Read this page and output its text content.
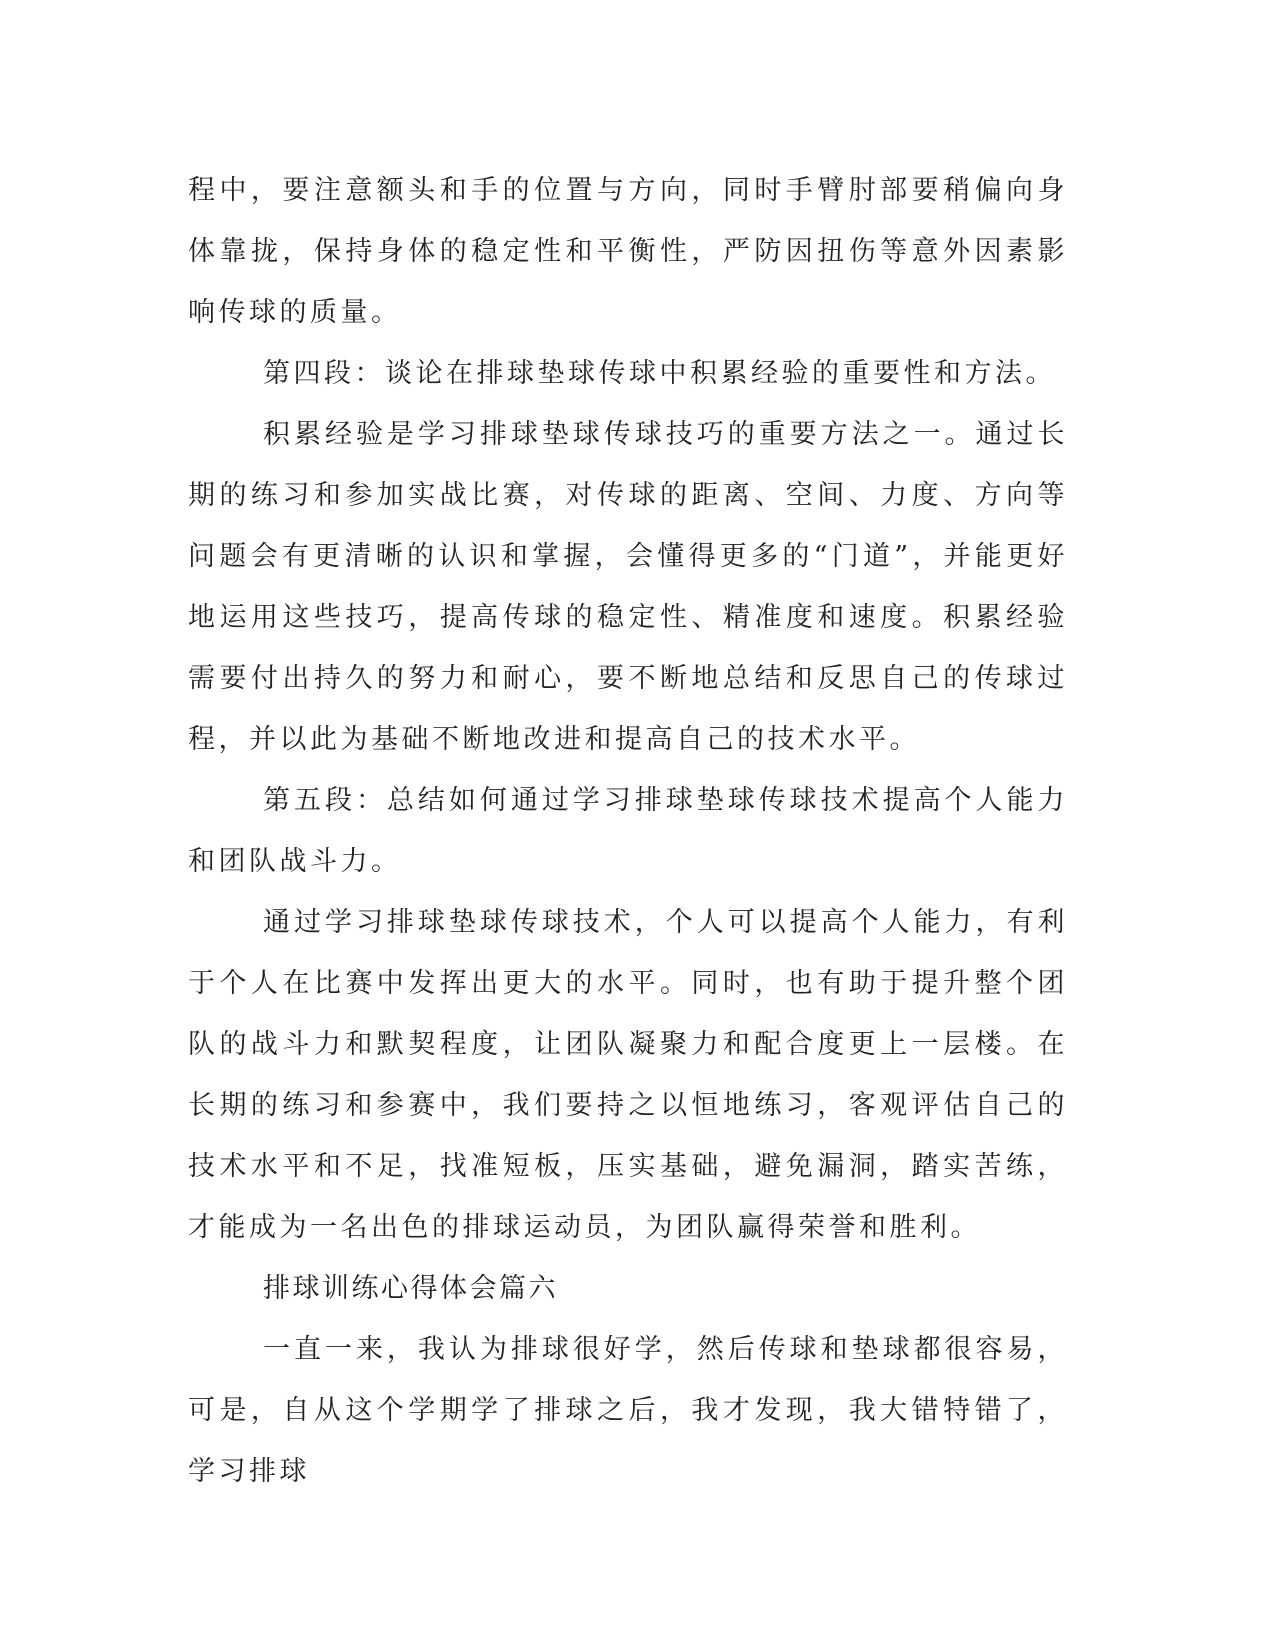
程中，要注意额头和手的位置与方向，同时手臂肘部要稍偏向身体靠拢，保持身体的稳定性和平衡性，严防因扭伤等意外因素影响传球的质量。

第四段：谈论在排球垫球传球中积累经验的重要性和方法。

积累经验是学习排球垫球传球技巧的重要方法之一。通过长期的练习和参加实战比赛，对传球的距离、空间、力度、方向等问题会有更清晰的认识和掌握，会懂得更多的“门道”，并能更好地运用这些技巧，提高传球的稳定性、精准度和速度。积累经验需要付出持久的努力和耐心，要不断地总结和反思自己的传球过程，并以此为基础不断地改进和提高自己的技术水平。

第五段：总结如何通过学习排球垫球传球技术提高个人能力和团队战斗力。

通过学习排球垫球传球技术，个人可以提高个人能力，有利于个人在比赛中发挥出更大的水平。同时，也有助于提升整个团队的战斗力和默契程度，让团队凝聚力和配合度更上一层楼。在长期的练习和参赛中，我们要持之以恒地练习，客观评估自己的技术水平和不足，找准短板，压实基础，避免漏洞，踏实苦练，才能成为一名出色的排球运动员，为团队赢得荣誉和胜利。

排球训练心得体会篇六

一直一来，我认为排球很好学，然后传球和垫球都很容易，可是，自从这个学期学了排球之后，我才发现，我大错特错了，学习排球
